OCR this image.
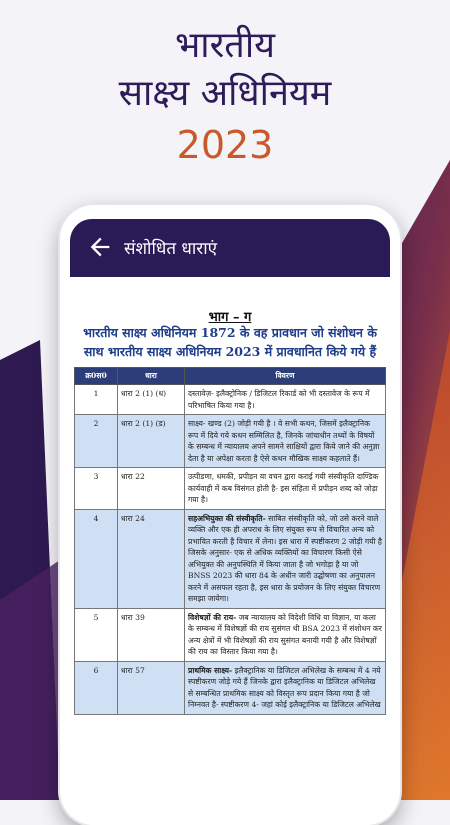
भारतीय
साक्ष्य अधिनियम
2023
संशोधित धाराएं
भाग – ग
भारतीय साक्ष्य अधिनियम 1872 के वह प्रावधान जो संशोधन के साथ भारतीय साक्ष्य अधिनियम 2023 में प्रावधानित किये गये हैं
क्र0स0	धारा	विवरण
1	धारा 2 (1) (ध)	दस्तावेज़- इलैक्ट्रोनिक / डिजिटल रिकार्ड को भी दस्तावेज के रूप में परिभाषित किया गया है।
2	धारा 2 (1) (ड)	साक्ष्य- खण्ड (2) जोड़ी गयी है । वे सभी कथन, जिसमें इलैक्ट्रानिक रूप में दिये गये कथन सम्मिलित है, जिनके जांचाधीन तथ्यों के विषयों के सम्बन्ध में न्यायालय अपने सामने साक्षियों द्वारा किये जाने की अनुज्ञा देता है या अपेक्षा करता है ऐसे कथन मौखिक साक्ष्य कहलाते हैं।
3	धारा 22	उत्पीडणा, धमकी, प्रपीड़न या वचन द्वारा कराई गयी संस्वीकृति दाण्डिक कार्यवाही में कब विसंगत होती है- इस संहिता में प्रपीड़न शब्द को जोड़ा गया है।
4	धारा 24	सहअभियुक्त की संस्वीकृति- साबित संस्वीकृति को, जो उसे करने वाले व्यक्ति और एक ही अपराध के लिए संयुक्त रूप से विचारित अन्य को प्रभावित करती है विचार में लेना। इस धारा में स्पष्टीकरण 2 जोड़ी गयी है जिसके अनुसार- एक से अधिक व्यक्तियों का विचारण किसी ऐसे अभियुक्त की अनुपस्थिति में किया जाता है जो भगोड़ा है या जो BNSS 2023 की धारा 84 के अधीन जारी उद्घोषणा का अनुपालन करने में असफल रहता है, इस धारा के प्रयोजन के लिए संयुक्त विचारण समझा जायेगा।
5	धारा 39	विशेषज्ञों की राय- जब न्यायालय को विदेशी विधि या विज्ञान, या कला के सम्बन्ध में विशेषज्ञों की राय सुसंगत थी BSA 2023 में संशोधन कर अन्य क्षेत्रों में भी विशेषज्ञों की राय सुसंगत बनायी गयी है और विशेषज्ञों की राय का विस्तार किया गया है।
6	धारा 57	प्राथमिक साक्ष्य- इलैक्ट्रानिक या डिजिटल अभिलेख के सम्बन्ध में 4 नये स्पष्टीकरण जोड़े गये हैं जिनके द्वारा इलैक्ट्रानिक या डिजिटल अभिलेख से सम्बन्धित प्राथमिक साक्ष्य को विस्तृत रूप प्रदान किया गया है जो निम्नवत है- स्पष्टीकरण 4- जहां कोई इलैक्ट्रानिक या डिजिटल अभिलेख
